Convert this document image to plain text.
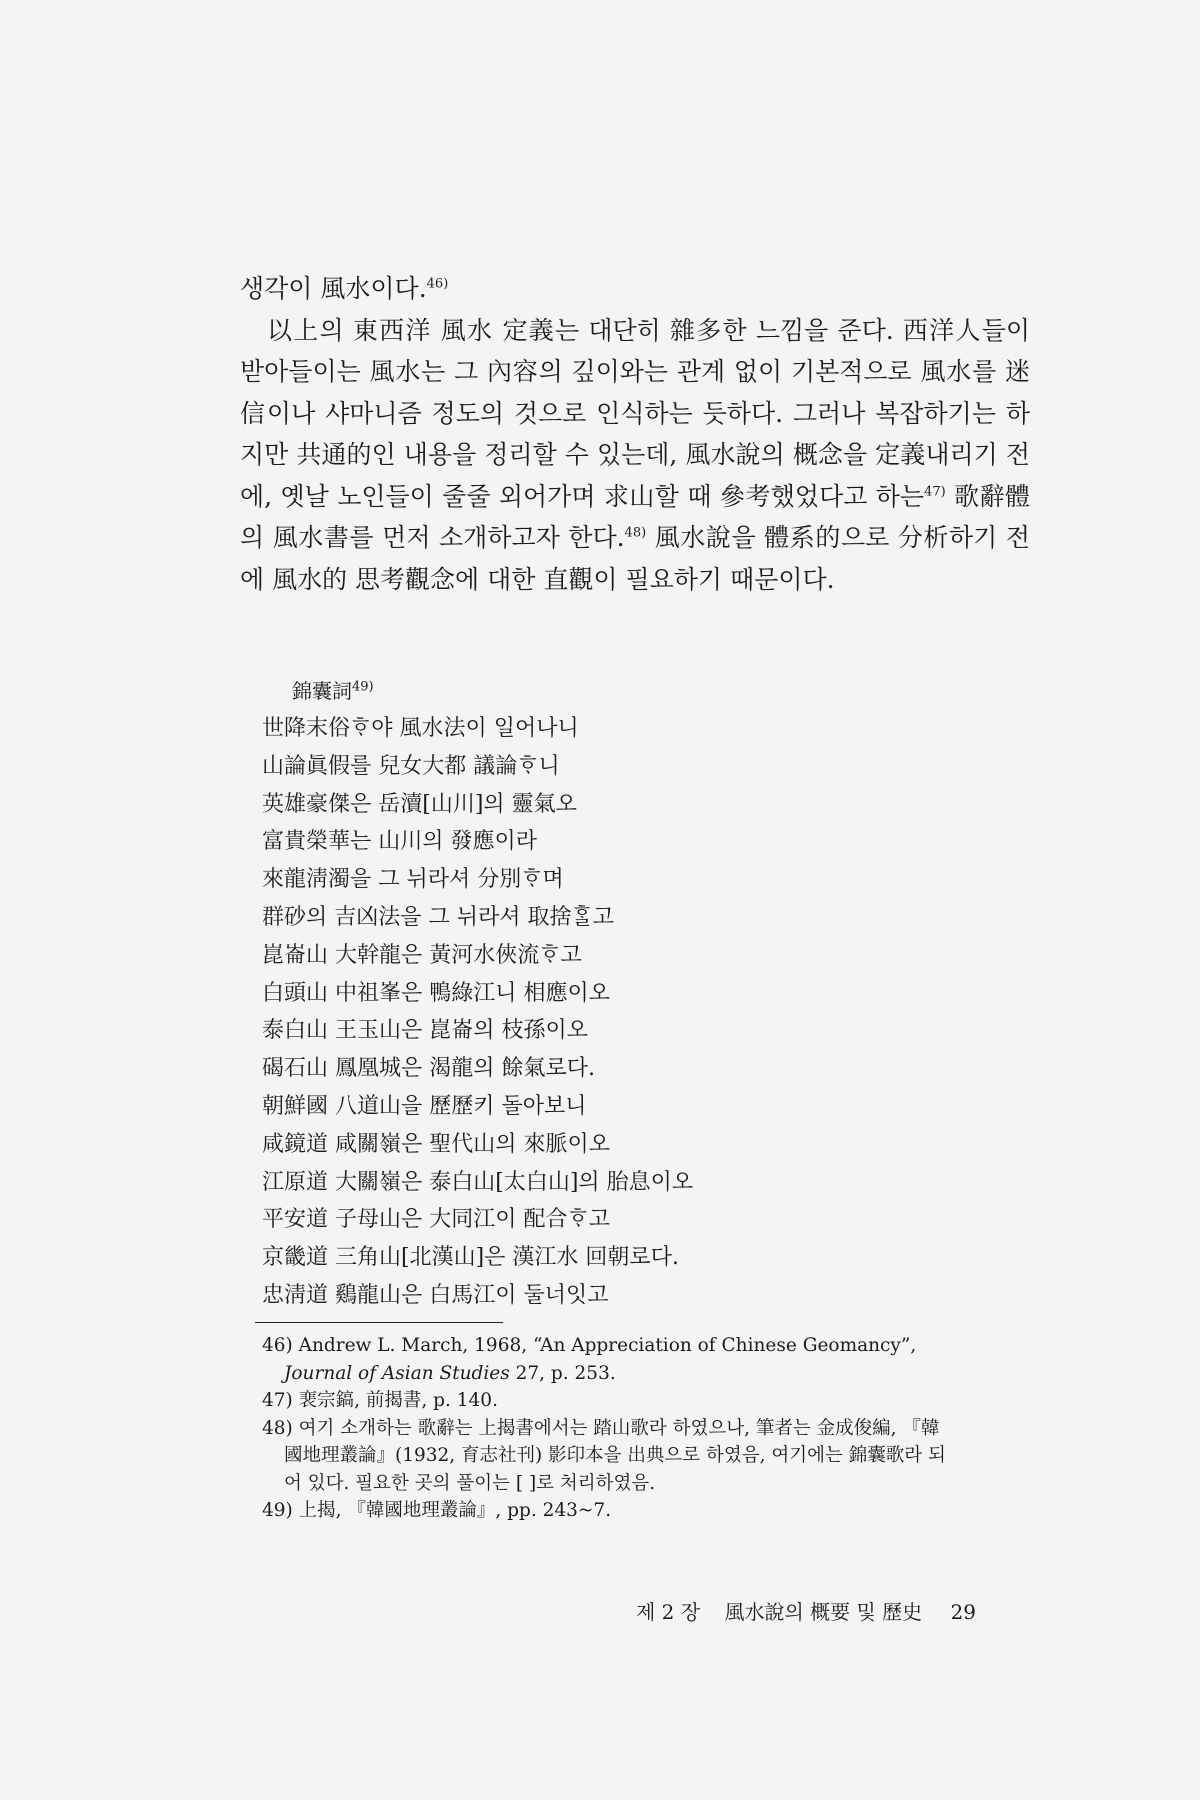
생각이 風水이다.$^{46)}$

以上의 東西洋 風水 定義는 대단히 雜多한 느낌을 준다. 西洋人들이 받아들이는 風水는 그 內容의 깊이와는 관계 없이 기본적으로 風水를 迷信이나 샤마니즘 정도의 것으로 인식하는 듯하다. 그러나 복잡하기는 하지만 共通的인 내용을 정리할 수 있는데, 風水說의 概念을 定義내리기 전에, 옛날 노인들이 줄줄 외어가며 求山할 때 參考했었다고 하는$^{47)}$ 歌辭體의 風水書를 먼저 소개하고자 한다.$^{48)}$ 風水說을 體系的으로 分析하기 전에 風水的 思考觀念에 대한 直觀이 필요하기 때문이다.

錦囊詞$^{49)}$
世降末俗ᄒᆞ야 風水法이 일어나니
山論眞假를 兒女大都 議論ᄒᆞ니
英雄豪傑은 岳瀆[山川]의 靈氣오
富貴榮華는 山川의 發應이라
來龍淸濁을 그 뉘라셔 分別ᄒᆞ며
群砂의 吉凶法을 그 뉘라셔 取捨ᄒᆞᆯ고
崑崙山 大幹龍은 黃河水俠流ᄒᆞ고
白頭山 中祖峯은 鴨綠江니 相應이오
泰白山 王玉山은 崑崙의 枝孫이오
碣石山 鳳凰城은 渴龍의 餘氣로다.
朝鮮國 八道山을 歷歷키 돌아보니
咸鏡道 咸關嶺은 聖代山의 來脈이오
江原道 大關嶺은 泰白山[太白山]의 胎息이오
平安道 子母山은 大同江이 配合ᄒᆞ고
京畿道 三角山[北漢山]은 漢江水 回朝로다.
忠淸道 鷄龍山은 白馬江이 둘너잇고

46) Andrew L. March, 1968, “An Appreciation of Chinese Geomancy”,
Journal of Asian Studies 27, p. 253.

47) 裵宗鎬, 前揭書, p. 140.

48) 여기 소개하는 歌辭는 上揭書에서는 踏山歌라 하였으나, 筆者는 金成俊編, 『韓
國地理叢論』(1932, 育志社刊) 影印本을 出典으로 하였음, 여기에는 錦囊歌라 되
어 있다. 필요한 곳의 풀이는 [ ]로 처리하였음.

49) 上揭, 『韓國地理叢論』, pp. 243~7.

제 2 장 風水說의 概要 및 歷史 29
